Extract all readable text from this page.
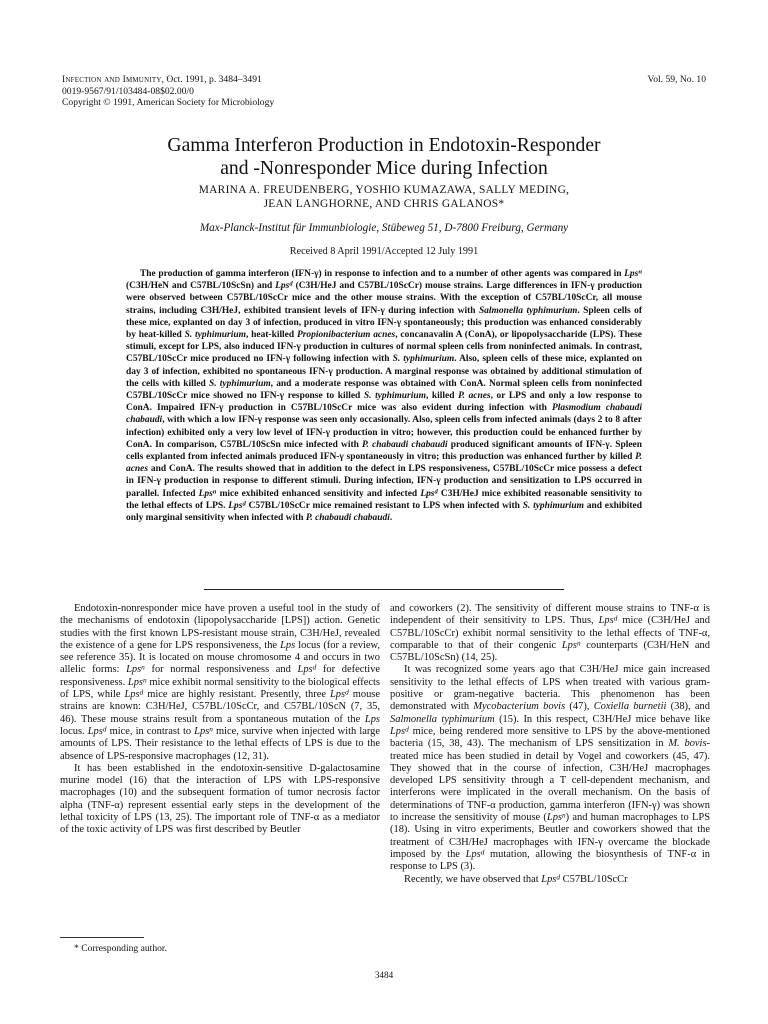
Infection and Immunity, Oct. 1991, p. 3484–3491
0019-9567/91/103484-08$02.00/0
Copyright © 1991, American Society for Microbiology
Vol. 59, No. 10
Gamma Interferon Production in Endotoxin-Responder
and -Nonresponder Mice during Infection
MARINA A. FREUDENBERG, YOSHIO KUMAZAWA, SALLY MEDING,
JEAN LANGHORNE, AND CHRIS GALANOS*
Max-Planck-Institut für Immunbiologie, Stübeweg 51, D-7800 Freiburg, Germany
Received 8 April 1991/Accepted 12 July 1991

The production of gamma interferon (IFN-γ) in response to infection and to a number of other agents was compared in Lps$^n$ (C3H/HeN and C57BL/10ScSn) and Lps$^d$ (C3H/HeJ and C57BL/10ScCr) mouse strains. Large differences in IFN-γ production were observed between C57BL/10ScCr mice and the other mouse strains. With the exception of C57BL/10ScCr, all mouse strains, including C3H/HeJ, exhibited transient levels of IFN-γ during infection with Salmonella typhimurium. Spleen cells of these mice, explanted on day 3 of infection, produced in vitro IFN-γ spontaneously; this production was enhanced considerably by heat-killed S. typhimurium, heat-killed Propionibacterium acnes, concanavalin A (ConA), or lipopolysaccharide (LPS). These stimuli, except for LPS, also induced IFN-γ production in cultures of normal spleen cells from noninfected animals. In contrast, C57BL/10ScCr mice produced no IFN-γ following infection with S. typhimurium. Also, spleen cells of these mice, explanted on day 3 of infection, exhibited no spontaneous IFN-γ production. A marginal response was obtained by additional stimulation of the cells with killed S. typhimurium, and a moderate response was obtained with ConA. Normal spleen cells from noninfected C57BL/10ScCr mice showed no IFN-γ response to killed S. typhimurium, killed P. acnes, or LPS and only a low response to ConA. Impaired IFN-γ production in C57BL/10ScCr mice was also evident during infection with Plasmodium chabaudi chabaudi, with which a low IFN-γ response was seen only occasionally. Also, spleen cells from infected animals (days 2 to 8 after infection) exhibited only a very low level of IFN-γ production in vitro; however, this production could be enhanced further by ConA. In comparison, C57BL/10ScSn mice infected with P. chabaudi chabaudi produced significant amounts of IFN-γ. Spleen cells explanted from infected animals produced IFN-γ spontaneously in vitro; this production was enhanced further by killed P. acnes and ConA. The results showed that in addition to the defect in LPS responsiveness, C57BL/10ScCr mice possess a defect in IFN-γ production in response to different stimuli. During infection, IFN-γ production and sensitization to LPS occurred in parallel. Infected Lps$^n$ mice exhibited enhanced sensitivity and infected Lps$^d$ C3H/HeJ mice exhibited reasonable sensitivity to the lethal effects of LPS. Lps$^d$ C57BL/10ScCr mice remained resistant to LPS when infected with S. typhimurium and exhibited only marginal sensitivity when infected with P. chabaudi chabaudi.

Endotoxin-nonresponder mice have proven a useful tool in the study of the mechanisms of endotoxin (lipopolysaccharide [LPS]) action. Genetic studies with the first known LPS-resistant mouse strain, C3H/HeJ, revealed the existence of a gene for LPS responsiveness, the Lps locus (for a review, see reference 35). It is located on mouse chromosome 4 and occurs in two allelic forms: Lps$^n$ for normal responsiveness and Lps$^d$ for defective responsiveness. Lps$^n$ mice exhibit normal sensitivity to the biological effects of LPS, while Lps$^d$ mice are highly resistant. Presently, three Lps$^d$ mouse strains are known: C3H/HeJ, C57BL/10ScCr, and C57BL/10ScN (7, 35, 46). These mouse strains result from a spontaneous mutation of the Lps locus. Lps$^d$ mice, in contrast to Lps$^n$ mice, survive when injected with large amounts of LPS. Their resistance to the lethal effects of LPS is due to the absence of LPS-responsive macrophages (12, 31).

It has been established in the endotoxin-sensitive D-galactosamine murine model (16) that the interaction of LPS with LPS-responsive macrophages (10) and the subsequent formation of tumor necrosis factor alpha (TNF-α) represent essential early steps in the development of the lethal toxicity of LPS (13, 25). The important role of TNF-α as a mediator of the toxic activity of LPS was first described by Beutler

and coworkers (2). The sensitivity of different mouse strains to TNF-α is independent of their sensitivity to LPS. Thus, Lps$^d$ mice (C3H/HeJ and C57BL/10ScCr) exhibit normal sensitivity to the lethal effects of TNF-α, comparable to that of their congenic Lps$^n$ counterparts (C3H/HeN and C57BL/10ScSn) (14, 25).

It was recognized some years ago that C3H/HeJ mice gain increased sensitivity to the lethal effects of LPS when treated with various gram-positive or gram-negative bacteria. This phenomenon has been demonstrated with Mycobacterium bovis (47), Coxiella burnetii (38), and Salmonella typhimurium (15). In this respect, C3H/HeJ mice behave like Lps$^d$ mice, being rendered more sensitive to LPS by the above-mentioned bacteria (15, 38, 43). The mechanism of LPS sensitization in M. bovis-treated mice has been studied in detail by Vogel and coworkers (45, 47). They showed that in the course of infection, C3H/HeJ macrophages developed LPS sensitivity through a T cell-dependent mechanism, and interferons were implicated in the overall mechanism. On the basis of determinations of TNF-α production, gamma interferon (IFN-γ) was shown to increase the sensitivity of mouse (Lps$^n$) and human macrophages to LPS (18). Using in vitro experiments, Beutler and coworkers showed that the treatment of C3H/HeJ macrophages with IFN-γ overcame the blockade imposed by the Lps$^d$ mutation, allowing the biosynthesis of TNF-α in response to LPS (3).

Recently, we have observed that Lps$^d$ C57BL/10ScCr

* Corresponding author.
3484
